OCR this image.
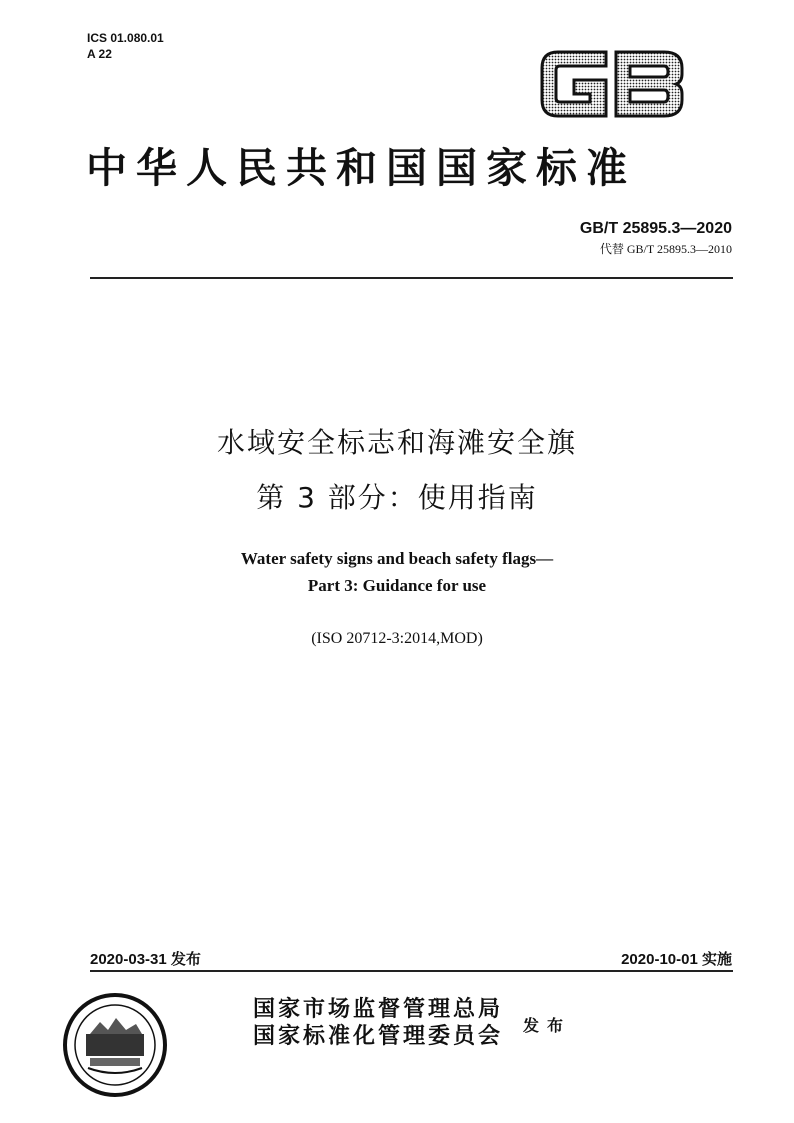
ICS 01.080.01
A 22
中华人民共和国国家标准
GB/T 25895.3—2020
代替 GB/T 25895.3—2010
水域安全标志和海滩安全旗
第 3 部分：使用指南
Water safety signs and beach safety flags—
Part 3: Guidance for use
(ISO 20712-3:2014,MOD)
2020-03-31 发布	2020-10-01 实施
国家市场监督管理总局
国家标准化管理委员会 发布
